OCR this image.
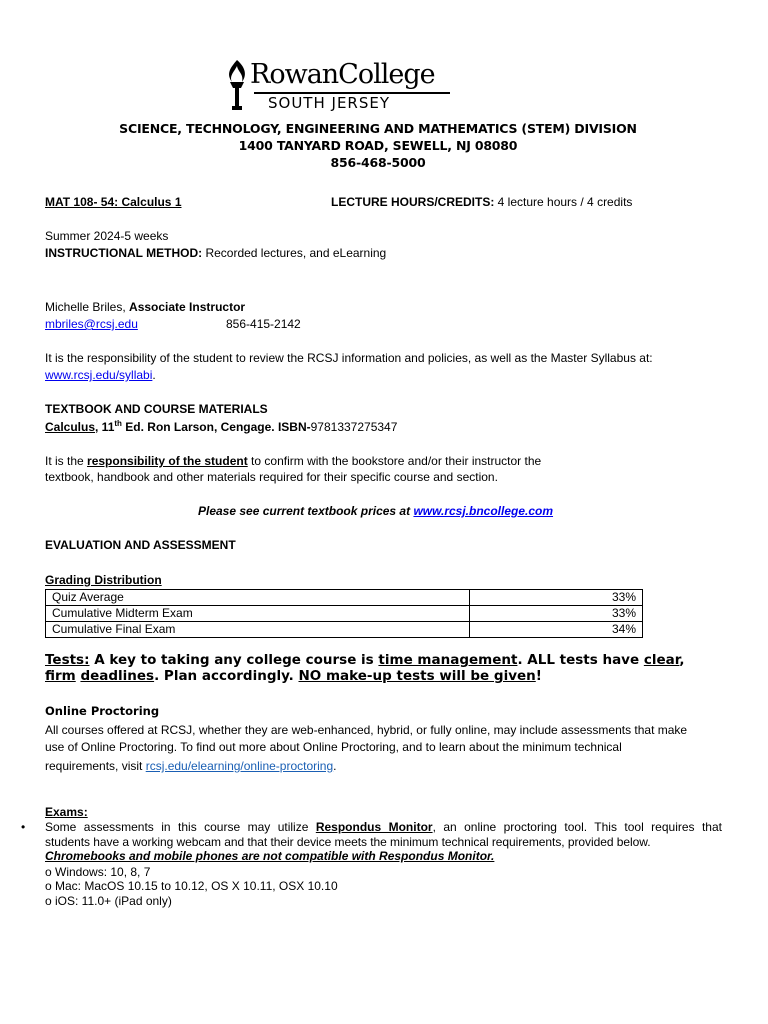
RowanCollege
SOUTH JERSEY
SCIENCE, TECHNOLOGY, ENGINEERING AND MATHEMATICS (STEM) DIVISION
1400 TANYARD ROAD, SEWELL, NJ 08080
856-468-5000
MAT 108- 54: Calculus 1	LECTURE HOURS/CREDITS: 4 lecture hours / 4 credits
Summer 2024-5 weeks
INSTRUCTIONAL METHOD: Recorded lectures, and eLearning
Michelle Briles, Associate Instructor
mbriles@rcsj.edu	856-415-2142
It is the responsibility of the student to review the RCSJ information and policies, as well as the Master Syllabus at:
www.rcsj.edu/syllabi.
TEXTBOOK AND COURSE MATERIALS
Calculus, 11th Ed. Ron Larson, Cengage. ISBN-9781337275347
It is the responsibility of the student to confirm with the bookstore and/or their instructor the
textbook, handbook and other materials required for their specific course and section.
Please see current textbook prices at www.rcsj.bncollege.com
EVALUATION AND ASSESSMENT
Grading Distribution
Quiz Average	33%
Cumulative Midterm Exam	33%
Cumulative Final Exam	34%
Tests: A key to taking any college course is time management. ALL tests have clear,
firm deadlines. Plan accordingly. NO make-up tests will be given!
Online Proctoring
All courses offered at RCSJ, whether they are web-enhanced, hybrid, or fully online, may include assessments that make
use of Online Proctoring. To find out more about Online Proctoring, and to learn about the minimum technical
requirements, visit rcsj.edu/elearning/online-proctoring.
Exams:
• Some assessments in this course may utilize Respondus Monitor, an online proctoring tool. This tool requires that
students have a working webcam and that their device meets the minimum technical requirements, provided below.
Chromebooks and mobile phones are not compatible with Respondus Monitor.
o Windows: 10, 8, 7
o Mac: MacOS 10.15 to 10.12, OS X 10.11, OSX 10.10
o iOS: 11.0+ (iPad only)
